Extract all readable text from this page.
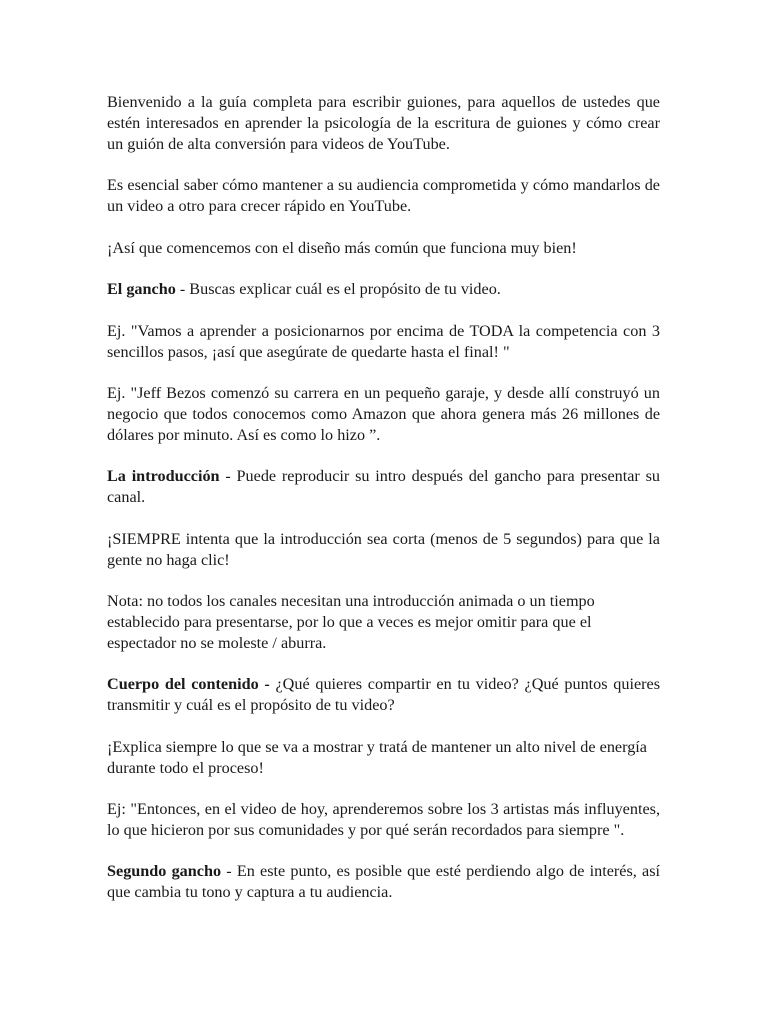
Bienvenido a la guía completa para escribir guiones, para aquellos de ustedes que estén interesados en aprender la psicología de la escritura de guiones y cómo crear un guión de alta conversión para videos de YouTube.

Es esencial saber cómo mantener a su audiencia comprometida y cómo mandarlos de un video a otro para crecer rápido en YouTube.

¡Así que comencemos con el diseño más común que funciona muy bien!

El gancho - Buscas explicar cuál es el propósito de tu video.

Ej. "Vamos a aprender a posicionarnos por encima de TODA la competencia con 3 sencillos pasos, ¡así que asegúrate de quedarte hasta el final! "

Ej. "Jeff Bezos comenzó su carrera en un pequeño garaje, y desde allí construyó un negocio que todos conocemos como Amazon que ahora genera más 26 millones de dólares por minuto. Así es como lo hizo ”.

La introducción - Puede reproducir su intro después del gancho para presentar su canal.

¡SIEMPRE intenta que la introducción sea corta (menos de 5 segundos) para que la gente no haga clic!

Nota: no todos los canales necesitan una introducción animada o un tiempo establecido para presentarse, por lo que a veces es mejor omitir para que el espectador no se moleste / aburra.

Cuerpo del contenido - ¿Qué quieres compartir en tu video? ¿Qué puntos quieres transmitir y cuál es el propósito de tu video?

¡Explica siempre lo que se va a mostrar y tratá de mantener un alto nivel de energía durante todo el proceso!

Ej: "Entonces, en el video de hoy, aprenderemos sobre los 3 artistas más influyentes, lo que hicieron por sus comunidades y por qué serán recordados para siempre ".

Segundo gancho - En este punto, es posible que esté perdiendo algo de interés, así que cambia tu tono y captura a tu audiencia.
